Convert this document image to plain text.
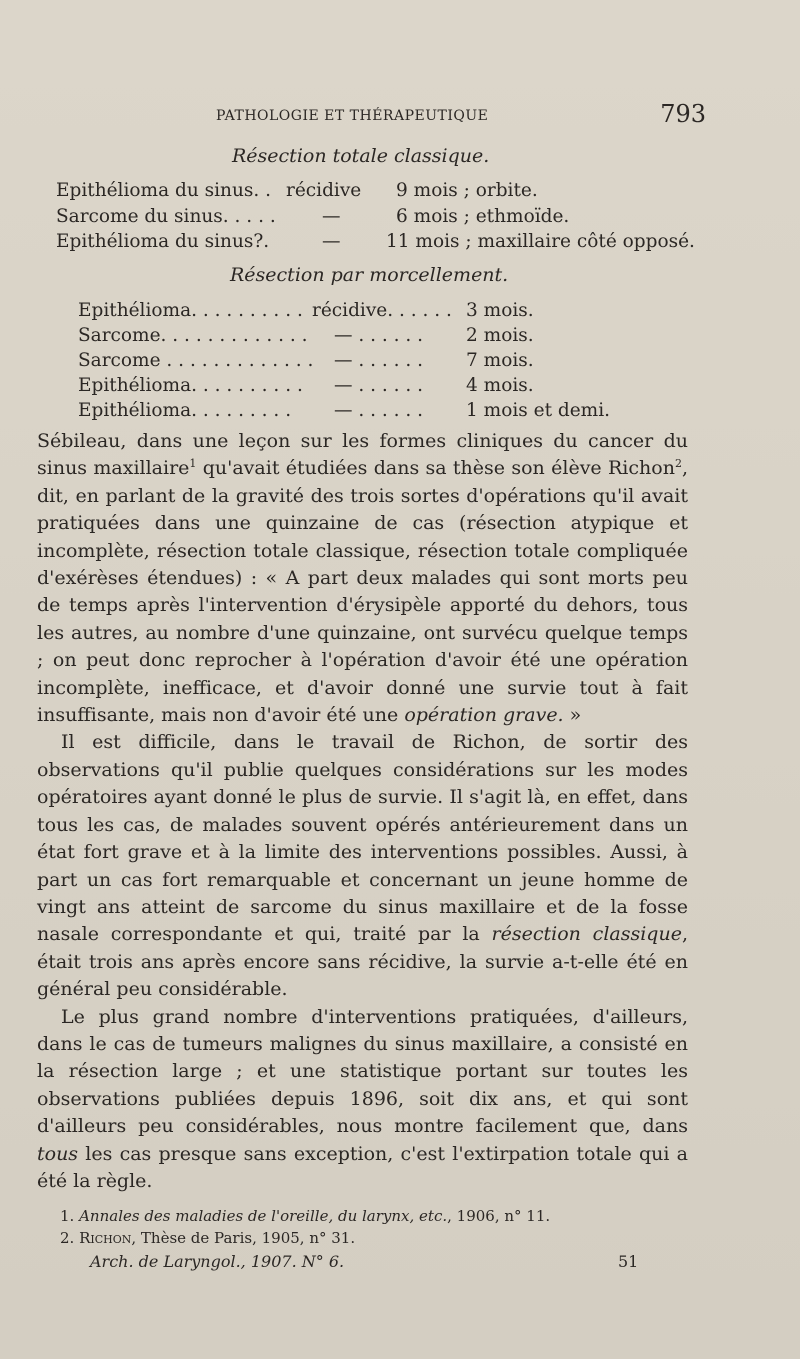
PATHOLOGIE ET THÉRAPEUTIQUE	793
Résection totale classique.
Epithélioma du sinus. . récidive 9 mois ; orbite.
Sarcome du sinus. . . . .	—	6 mois ; ethmoïde.
Epithélioma du sinus?.	— 11 mois ; maxillaire côté opposé.
Résection par morcellement.
Epithélioma. . . . . . . . . . récidive. . . . . . 3 mois.
Sarcome. . . . . . . . . . . . . — . . . . . . 2 mois.
Sarcome . . . . . . . . . . . . . — . . . . . . 7 mois.
Epithélioma. . . . . . . . . . — . . . . . . 4 mois.
Epithélioma. . . . . . . . . — . . . . . . 1 mois et demi.

Sébileau, dans une leçon sur les formes cliniques du cancer du sinus maxillaire$^1$ qu'avait étudiées dans sa thèse son élève Richon$^2$, dit, en parlant de la gravité des trois sortes d'opérations qu'il avait pratiquées dans une quinzaine de cas (résection atypique et incomplète, résection totale classique, résection totale compliquée d'exérèses étendues) : « A part deux malades qui sont morts peu de temps après l'intervention d'érysipèle apporté du dehors, tous les autres, au nombre d'une quinzaine, ont survécu quelque temps ; on peut donc reprocher à l'opération d'avoir été une opération incomplète, inefficace, et d'avoir donné une survie tout à fait insuffisante, mais non d'avoir été une opération grave. »

Il est difficile, dans le travail de Richon, de sortir des observations qu'il publie quelques considérations sur les modes opératoires ayant donné le plus de survie. Il s'agit là, en effet, dans tous les cas, de malades souvent opérés antérieurement dans un état fort grave et à la limite des interventions possibles. Aussi, à part un cas fort remarquable et concernant un jeune homme de vingt ans atteint de sarcome du sinus maxillaire et de la fosse nasale correspondante et qui, traité par la résection classique, était trois ans après encore sans récidive, la survie a-t-elle été en général peu considérable.

Le plus grand nombre d'interventions pratiquées, d'ailleurs, dans le cas de tumeurs malignes du sinus maxillaire, a consisté en la résection large ; et une statistique portant sur toutes les observations publiées depuis 1896, soit dix ans, et qui sont d'ailleurs peu considérables, nous montre facilement que, dans tous les cas presque sans exception, c'est l'extirpation totale qui a été la règle.

1. Annales des maladies de l'oreille, du larynx, etc., 1906, n° 11.
2. Richon, Thèse de Paris, 1905, n° 31.
Arch. de Laryngol., 1907. N° 6.	51
